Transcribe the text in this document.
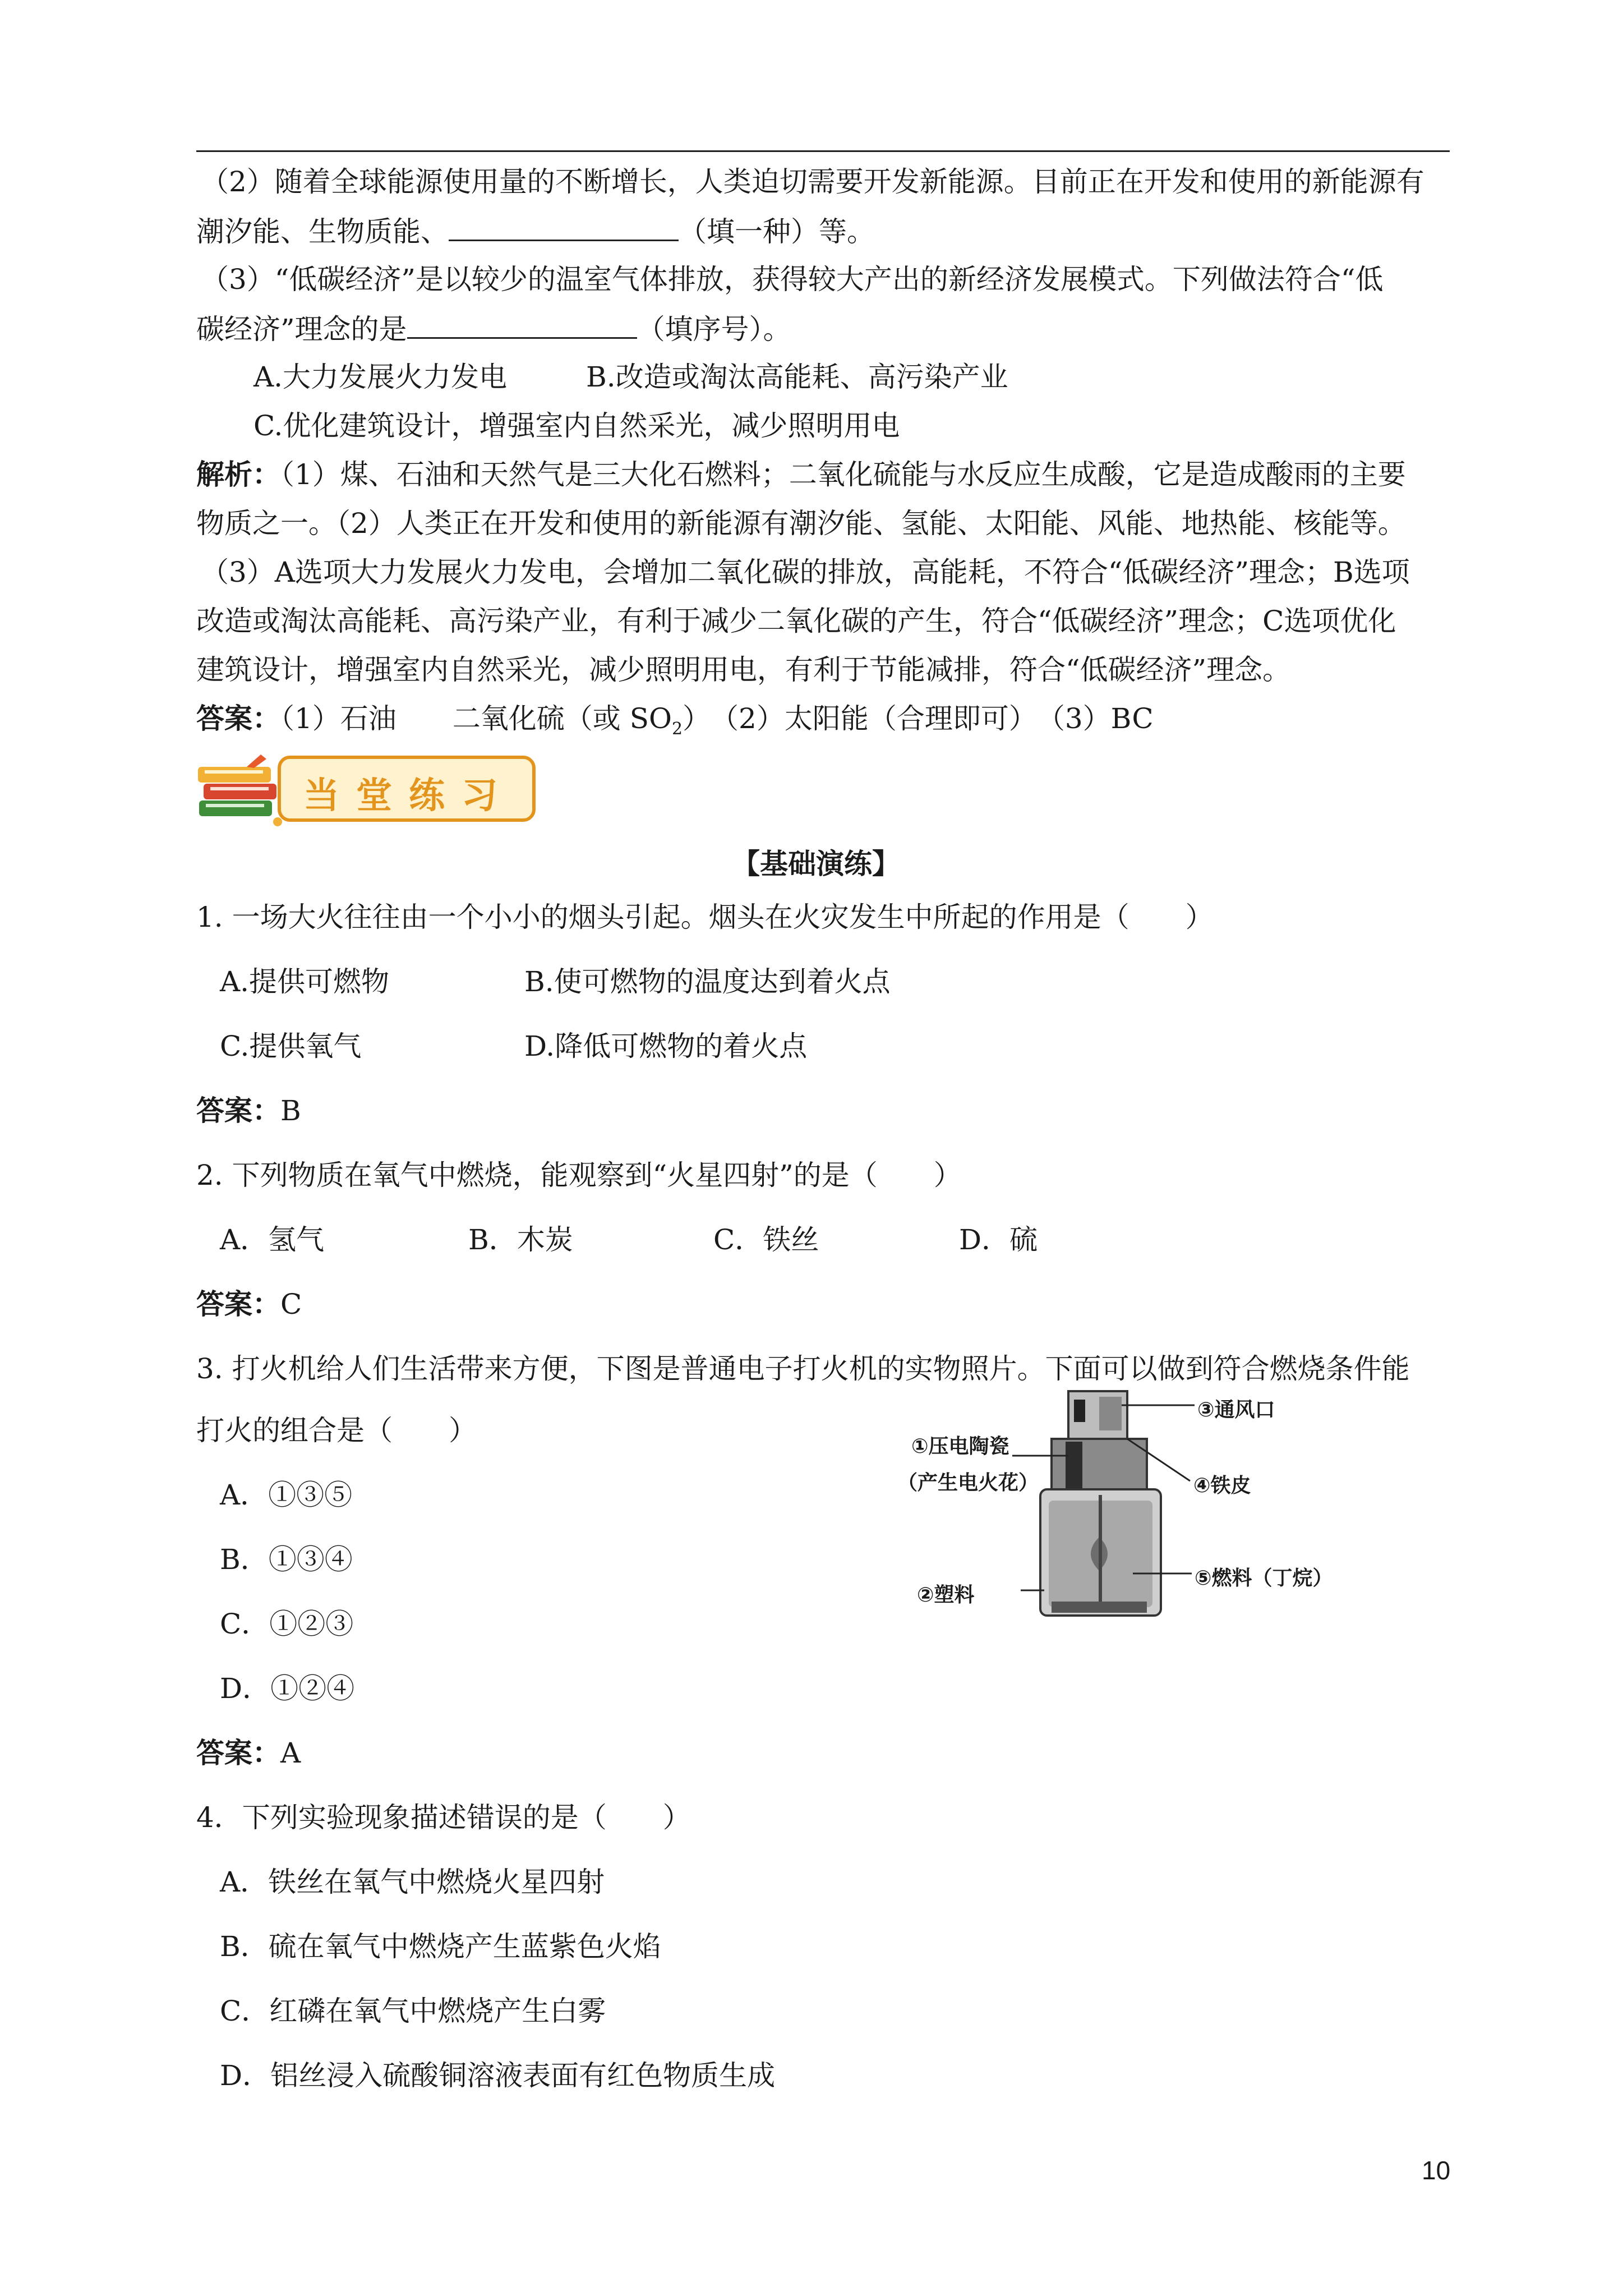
（2）随着全球能源使用量的不断增长，人类迫切需要开发新能源。目前正在开发和使用的新能源有
潮汐能、生物质能、	（填一种）等。
（3）“低碳经济”是以较少的温室气体排放，获得较大产出的新经济发展模式。下列做法符合“低
碳经济”理念的是	（填序号）。
A.大力发展火力发电	B.改造或淘汰高能耗、高污染产业
C.优化建筑设计，增强室内自然采光，减少照明用电
解析：（1）煤、石油和天然气是三大化石燃料；二氧化硫能与水反应生成酸，它是造成酸雨的主要
物质之一。（2）人类正在开发和使用的新能源有潮汐能、氢能、太阳能、风能、地热能、核能等。
（3）A选项大力发展火力发电，会增加二氧化碳的排放，高能耗，不符合“低碳经济”理念；B选项
改造或淘汰高能耗、高污染产业，有利于减少二氧化碳的产生，符合“低碳经济”理念；C选项优化
建筑设计，增强室内自然采光，减少照明用电，有利于节能减排，符合“低碳经济”理念。
答案：（1）石油　　二氧化硫（或 $SO_2$）　（2）太阳能（合理即可）　（3）BC
当堂练习
【基础演练】
1. 一场大火往往由一个小小的烟头引起。烟头在火灾发生中所起的作用是（　　）
A.提供可燃物	B.使可燃物的温度达到着火点
C.提供氧气	D.降低可燃物的着火点
答案：B
2. 下列物质在氧气中燃烧，能观察到“火星四射”的是（　　）
A．氢气	B．木炭	C．铁丝	D．硫
答案：C
3. 打火机给人们生活带来方便，下图是普通电子打火机的实物照片。下面可以做到符合燃烧条件能
打火的组合是（　　）
A．①③⑤
B．①③④
C．①②③
D．①②④
答案：A
①压电陶瓷
（产生电火花）
②塑料
③通风口
④铁皮
⑤燃料（丁烷）
4．下列实验现象描述错误的是（　　）
A．铁丝在氧气中燃烧火星四射
B．硫在氧气中燃烧产生蓝紫色火焰
C．红磷在氧气中燃烧产生白雾
D．铝丝浸入硫酸铜溶液表面有红色物质生成
10
